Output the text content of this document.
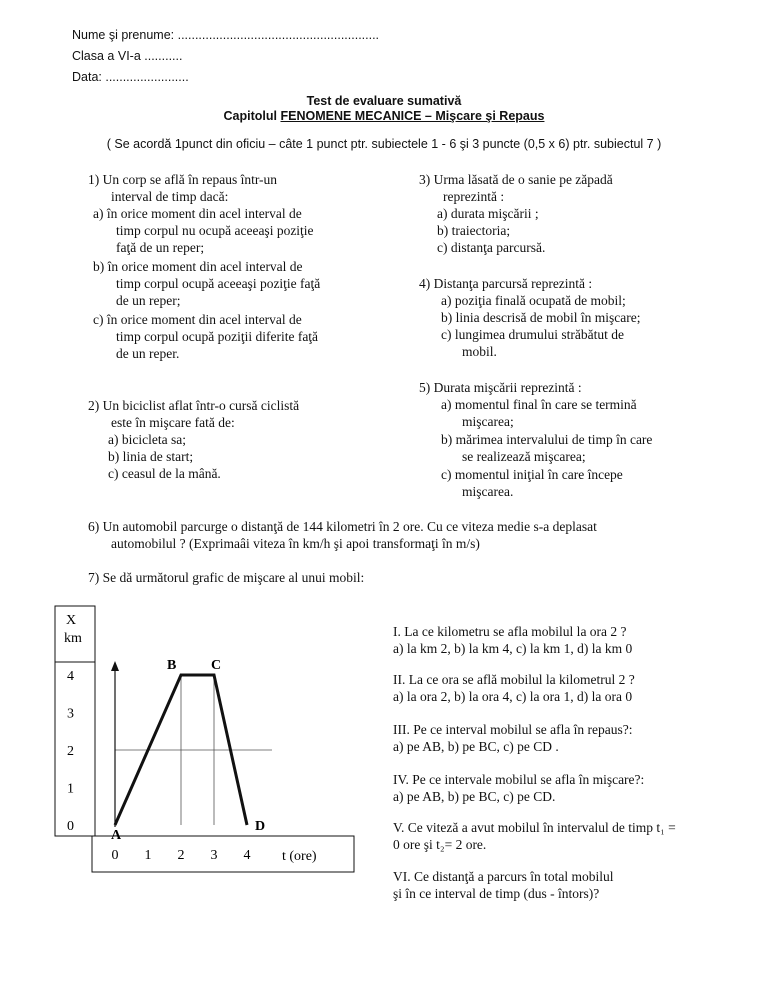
Nume şi prenume: ..........................................................
Clasa a VI-a ...........
Data: ........................
Test de evaluare sumativă
Capitolul FENOMENE MECANICE – Mişcare şi Repaus
( Se acordă 1punct din oficiu – câte 1 punct ptr. subiectele 1 - 6 şi 3 puncte (0,5 x 6) ptr. subiectul 7 )
1) Un corp se află în repaus într-un
interval de timp dacă:
a) în orice moment din acel interval de
timp corpul nu ocupă aceeaşi poziţie
faţă de un reper;
b) în orice moment din acel interval de
timp corpul ocupă aceeaşi poziţie faţă
de un reper;
c) în orice moment din acel interval de
timp corpul ocupă poziţii diferite faţă
de un reper.
2) Un biciclist aflat într-o cursă ciclistă
este în mişcare fată de:
a) bicicleta sa;
b) linia de start;
c) ceasul de la mână.
3) Urma lăsată de o sanie pe zăpadă
reprezintă :
a) durata mişcării ;
b) traiectoria;
c) distanţa parcursă.
4) Distanţa parcursă reprezintă :
a) poziţia finală ocupată de mobil;
b) linia descrisă de mobil în mişcare;
c) lungimea drumului străbătut de
mobil.
5) Durata mişcării reprezintă :
a) momentul final în care se termină
mişcarea;
b) mărimea intervalului de timp în care
se realizează mişcarea;
c) momentul iniţial în care începe
mişcarea.
6) Un automobil parcurge o distanţă de 144 kilometri în 2 ore. Cu ce viteza medie s-a deplasat
automobilul ? (Exprimaâi viteza în km/h şi apoi transformaţi în m/s)
7) Se dă următorul grafic de mişcare al unui mobil:
X
km
0 1 2 3 4
0
1
2
3
4
A
B C
D
t (ore)
I. La ce kilometru se afla mobilul la ora 2 ?
a) la km 2, b) la km 4, c) la km 1, d) la km 0
II. La ce ora se află mobilul la kilometrul 2 ?
a) la ora 2, b) la ora 4, c) la ora 1, d) la ora 0
III. Pe ce interval mobilul se afla în repaus?:
a) pe AB, b) pe BC, c) pe CD .
IV. Pe ce intervale mobilul se afla în mişcare?:
a) pe AB, b) pe BC, c) pe CD.
V. Ce viteză a avut mobilul în intervalul de timp t₁ =
0 ore şi t₂= 2 ore.
VI. Ce distanţă a parcurs în total mobilul
şi în ce interval de timp (dus - întors)?
